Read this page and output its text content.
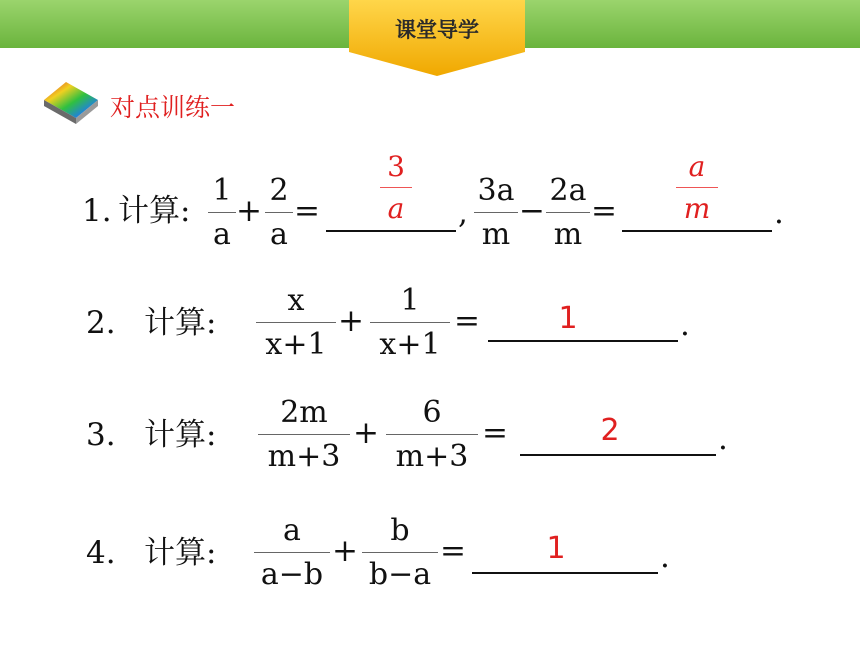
课堂导学
对点训练一
1. 计算:
1
a
+
2
a
=
3
a ,
3a
m
−
2a
m
=
a
m .
2. 计算:
x
x+1
+
1
x+1
=	1	.
3. 计算:
2m
m+3
+
6
m+3
=	2	.
4. 计算:
a
a−b
+
b
b−a
=	1	.
